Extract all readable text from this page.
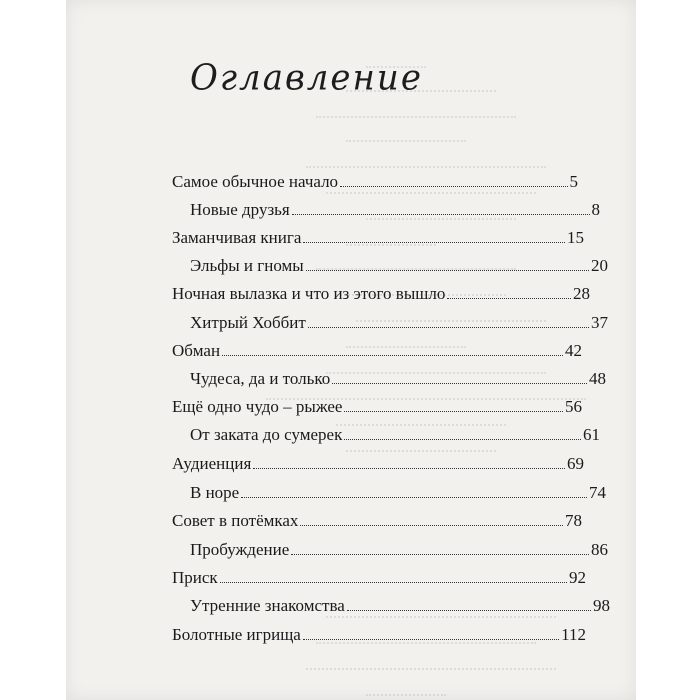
Оглавление
Самое обычное начало	5
Новые друзья	8
Заманчивая книга	15
Эльфы и гномы	20
Ночная вылазка и что из этого вышло	28
Хитрый Хоббит	37
Обман	42
Чудеса, да и только	48
Ещё одно чудо – рыжее	56
От заката до сумерек	61
Аудиенция	69
В норе	74
Совет в потёмках	78
Пробуждение	86
Приск	92
Утренние знакомства	98
Болотные игрища	112
